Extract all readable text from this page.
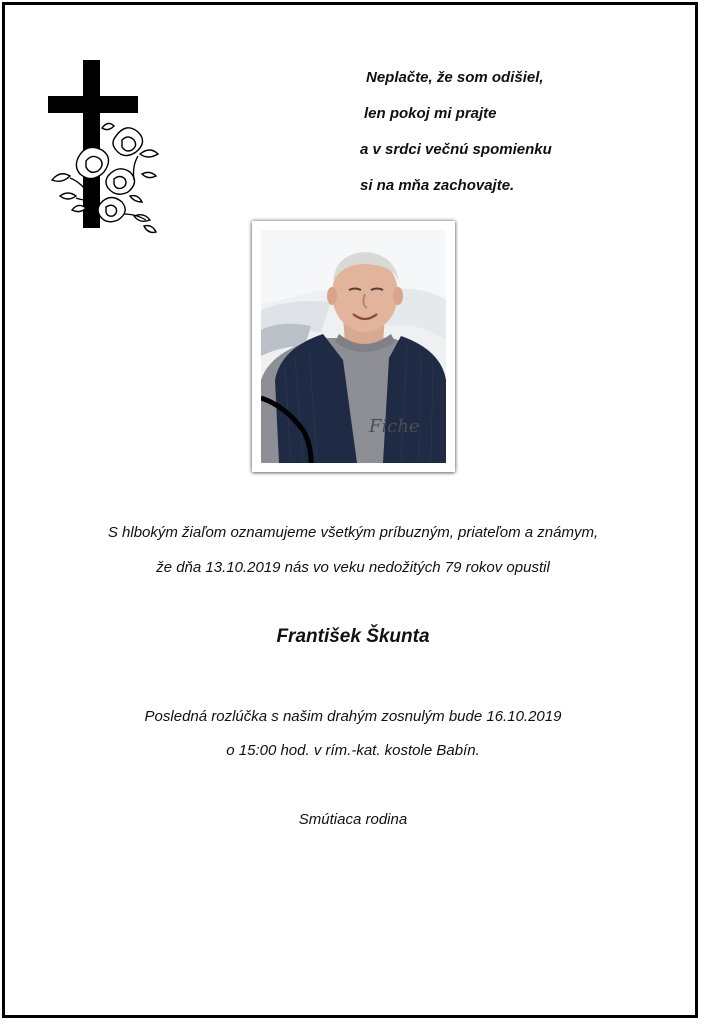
Neplačte, že som odišiel,
len pokoj mi prajte
a v srdci večnú spomienku
si na mňa zachovajte.
Fiche
S hlbokým žiaľom oznamujeme všetkým príbuzným, priateľom a známym,
že dňa 13.10.2019 nás vo veku nedožitých 79 rokov opustil
František Škunta
Posledná rozlúčka s našim drahým zosnulým bude 16.10.2019
o 15:00 hod. v rím.-kat. kostole Babín.
Smútiaca rodina
